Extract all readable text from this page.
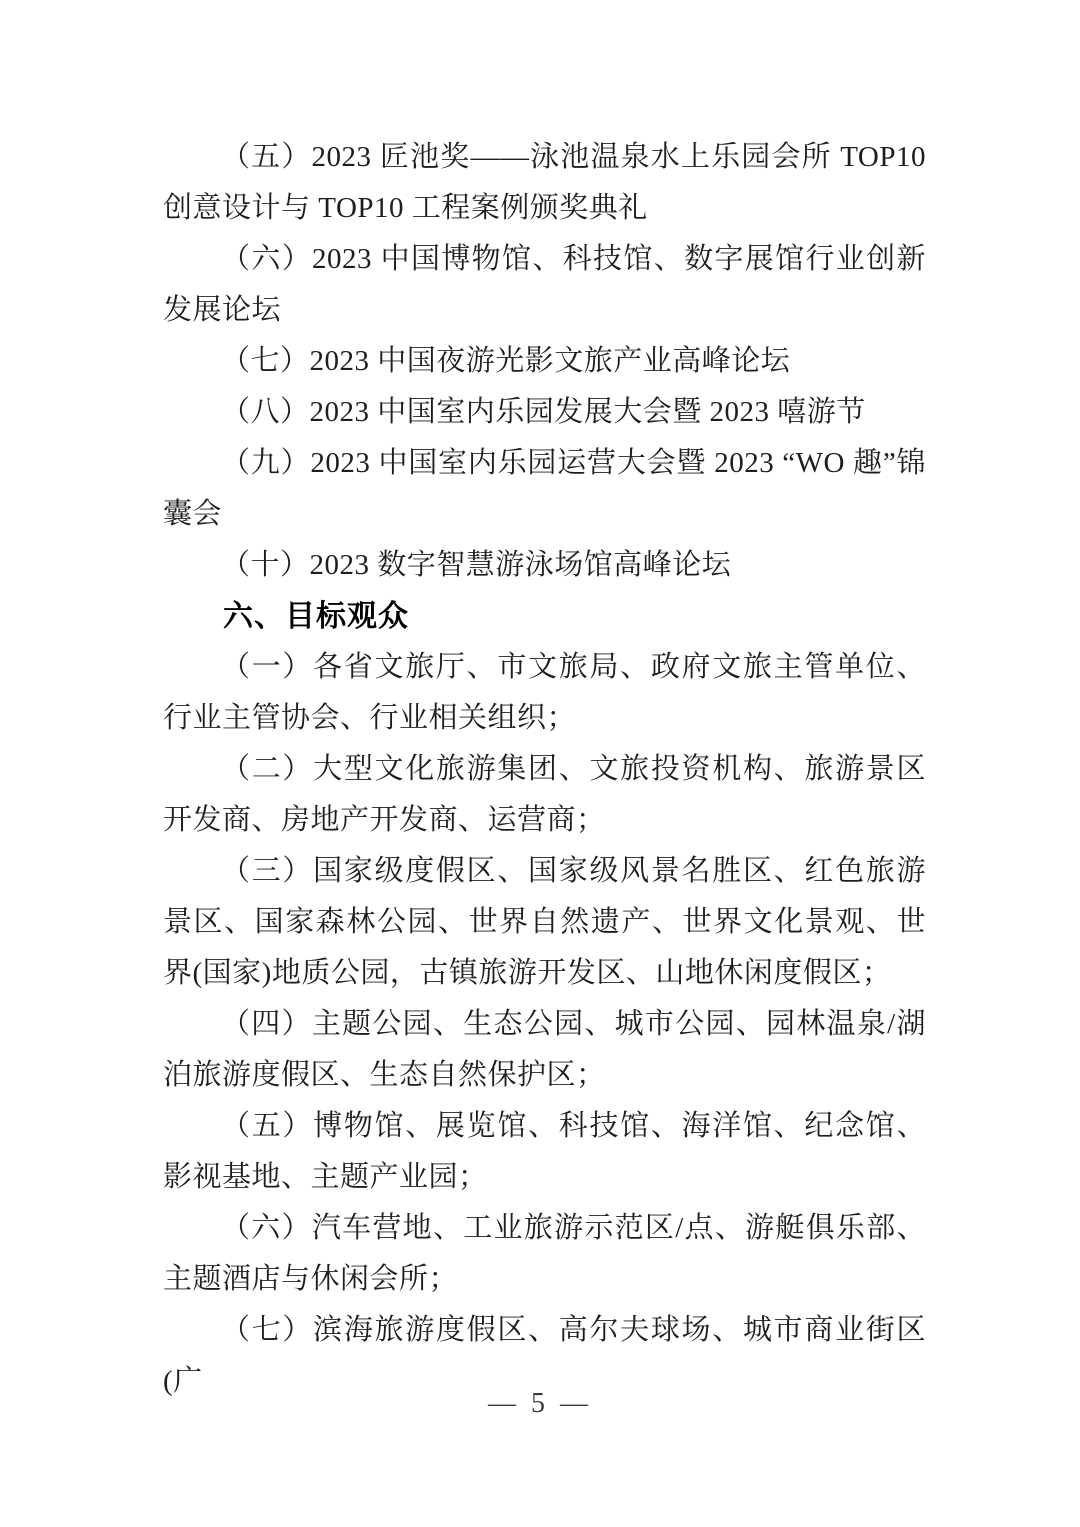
（五）2023 匠池奖——泳池温泉水上乐园会所 TOP10 创意设计与 TOP10 工程案例颁奖典礼

（六）2023 中国博物馆、科技馆、数字展馆行业创新发展论坛

（七）2023 中国夜游光影文旅产业高峰论坛

（八）2023 中国室内乐园发展大会暨 2023 嘻游节

（九）2023 中国室内乐园运营大会暨 2023 “WO 趣”锦囊会

（十）2023 数字智慧游泳场馆高峰论坛

六、目标观众

（一）各省文旅厅、市文旅局、政府文旅主管单位、行业主管协会、行业相关组织；

（二）大型文化旅游集团、文旅投资机构、旅游景区开发商、房地产开发商、运营商；

（三）国家级度假区、国家级风景名胜区、红色旅游景区、国家森林公园、世界自然遗产、世界文化景观、世界(国家)地质公园，古镇旅游开发区、山地休闲度假区；

（四）主题公园、生态公园、城市公园、园林温泉/湖泊旅游度假区、生态自然保护区；

（五）博物馆、展览馆、科技馆、海洋馆、纪念馆、影视基地、主题产业园；

（六）汽车营地、工业旅游示范区/点、游艇俱乐部、主题酒店与休闲会所；

（七）滨海旅游度假区、高尔夫球场、城市商业街区(广

— 5 —
